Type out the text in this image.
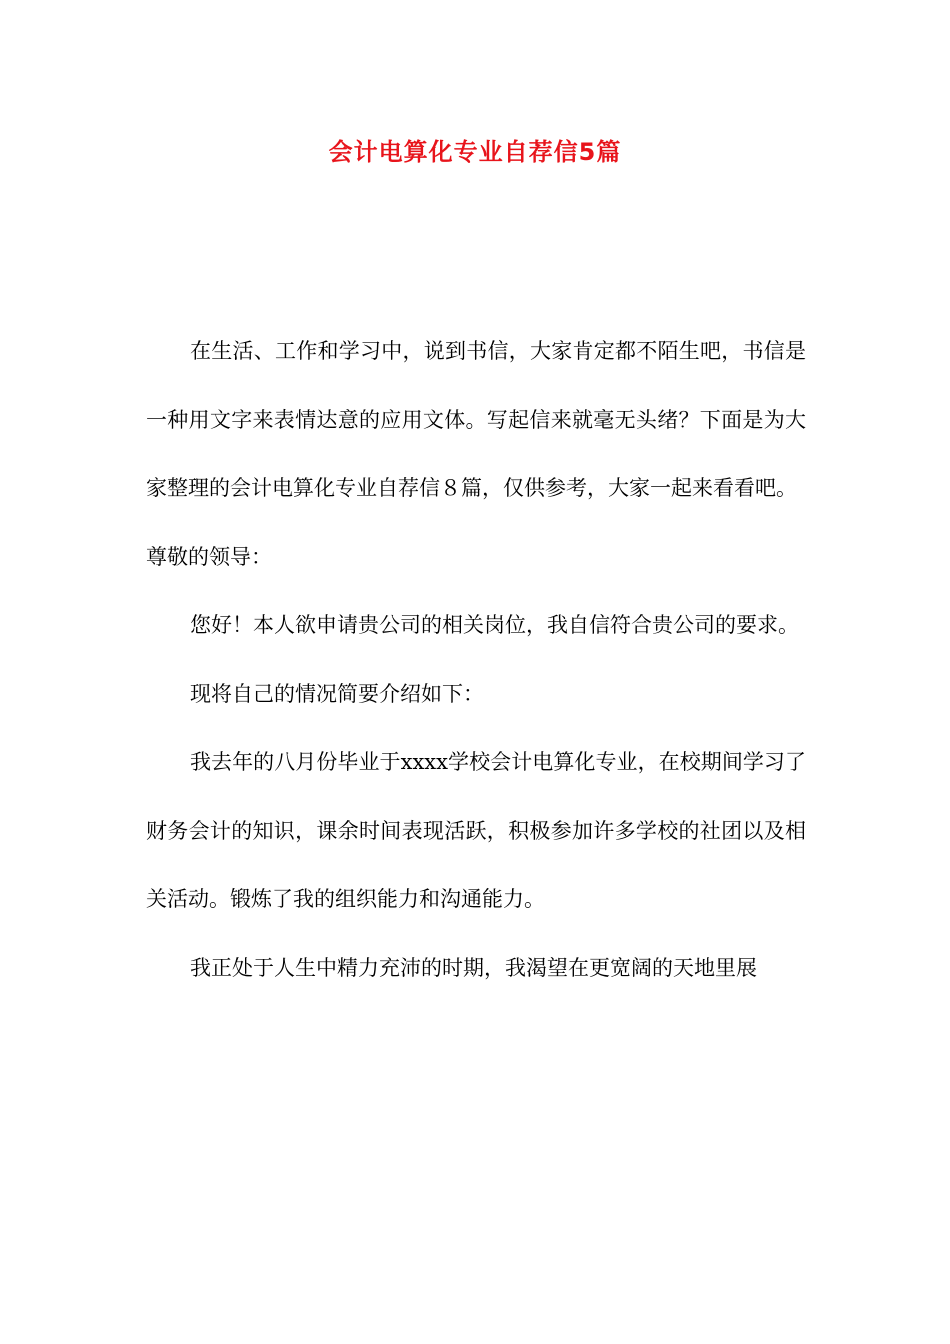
会计电算化专业自荐信5篇

在生活、工作和学习中，说到书信，大家肯定都不陌生吧，书信是一种用文字来表情达意的应用文体。写起信来就毫无头绪？下面是为大家整理的会计电算化专业自荐信８篇，仅供参考，大家一起来看看吧。

尊敬的领导：

您好！本人欲申请贵公司的相关岗位，我自信符合贵公司的要求。

现将自己的情况简要介绍如下：

我去年的八月份毕业于xxxx学校会计电算化专业，在校期间学习了财务会计的知识，课余时间表现活跃，积极参加许多学校的社团以及相关活动。锻炼了我的组织能力和沟通能力。

我正处于人生中精力充沛的时期，我渴望在更宽阔的天地里展
